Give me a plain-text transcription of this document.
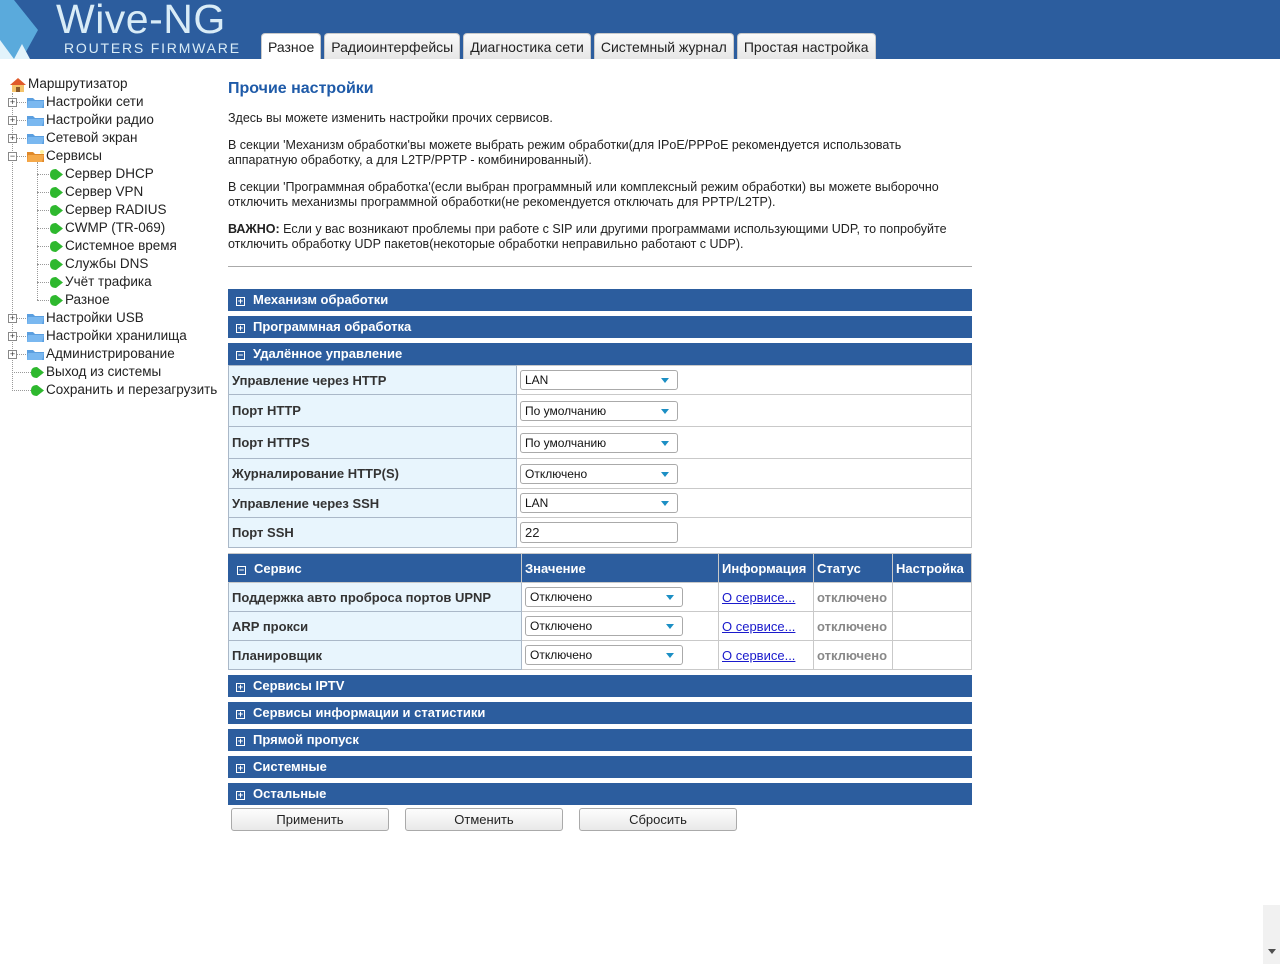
Wive-NG
ROUTERS FIRMWARE	Разное	Радиоинтерфейсы	Диагностика сети	Системный журнал	Простая настройка
Маршрутизатор
+ Настройки сети
+ Настройки радио
+ Сетевой экран
− Сервисы
Сервер DHCP
Сервер VPN
Сервер RADIUS
CWMP (TR-069)
Системное время
Службы DNS
Учёт трафика
Разное
+ Настройки USB
+ Настройки хранилища
+ Администрирование
Выход из системы
Сохранить и перезагрузить
Прочие настройки

Здесь вы можете изменить настройки прочих сервисов.

В секции 'Механизм обработки'вы можете выбрать режим обработки(для IPoE/PPPoE рекомендуется использовать аппаратную обработку, а для L2TP/PPTP - комбинированный).

В секции 'Программная обработка'(если выбран программный или комплексный режим обработки) вы можете выборочно отключить механизмы программной обработки(не рекомендуется отключать для PPTP/L2TP).

ВАЖНО: Если у вас возникают проблемы при работе с SIP или другими программами использующими UDP, то попробуйте отключить обработку UDP пакетов(некоторые обработки неправильно работают с UDP).

+ Механизм обработки
+ Программная обработка
− Удалённое управление
Управление через HTTP	LAN

Порт HTTP	По умолчанию

Порт HTTPS	По умолчанию

Журналирование HTTP(S)	Отключено

Управление через SSH	LAN

Порт SSH	22
− Сервис	Значение	Информация	Статус	Настройка
Поддержка авто проброса портов UPNP	Отключено	О сервисе...	отключено	
ARP прокси	Отключено	О сервисе...	отключено	
Планировщик	Отключено	О сервисе...	отключено	
+ Сервисы IPTV
+ Сервисы информации и статистики
+ Прямой пропуск
+ Системные
+ Остальные
Применить	Отменить	Сбросить
